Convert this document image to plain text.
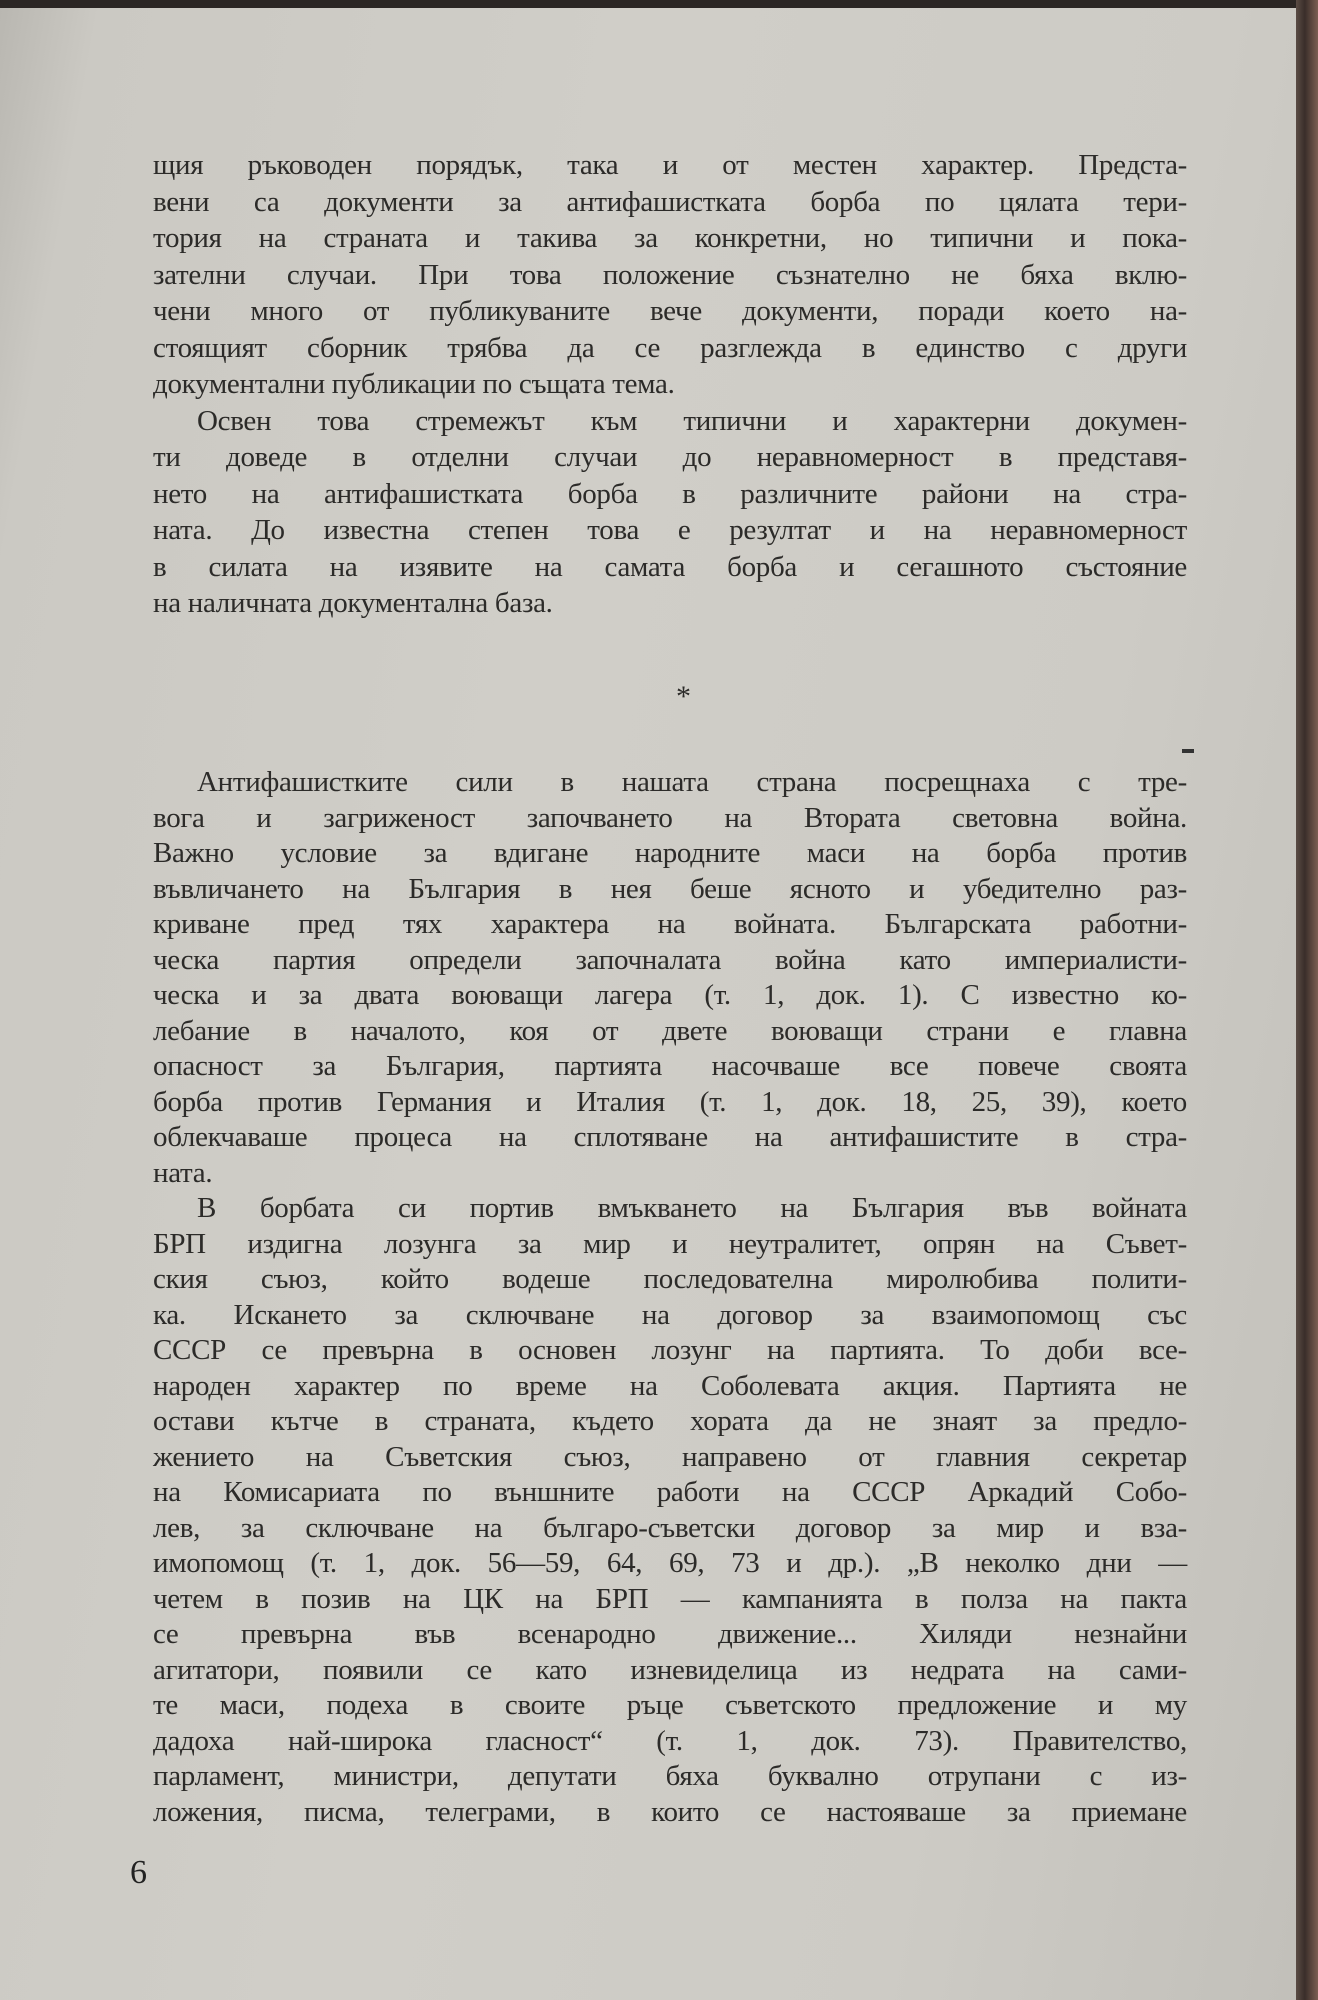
щия ръководен порядък, така и от местен характер. Предста-
вени са документи за антифашистката борба по цялата тери-
тория на страната и такива за конкретни, но типични и пока-
зателни случаи. При това положение съзнателно не бяха вклю-
чени много от публикуваните вече документи, поради което на-
стоящият сборник трябва да се разглежда в единство с други
документални публикации по същата тема.
Освен това стремежът към типични и характерни докумен-
ти доведе в отделни случаи до неравномерност в представя-
нето на антифашистката борба в различните райони на стра-
ната. До известна степен това е резултат и на неравномерност
в силата на изявите на самата борба и сегашното състояние
на наличната документална база.
*
Антифашистките сили в нашата страна посрещнаха с тре-
вога и загриженост започването на Втората световна война.
Важно условие за вдигане народните маси на борба против
въвличането на България в нея беше ясното и убедително раз-
криване пред тях характера на войната. Българската работни-
ческа партия определи започналата война като империалисти-
ческа и за двата воюващи лагера (т. 1, док. 1). С известно ко-
лебание в началото, коя от двете воюващи страни е главна
опасност за България, партията насочваше все повече своята
борба против Германия и Италия (т. 1, док. 18, 25, 39), което
облекчаваше процеса на сплотяване на антифашистите в стра-
ната.
В борбата си портив вмъкването на България във войната
БРП издигна лозунга за мир и неутралитет, опрян на Съвет-
ския съюз, който водеше последователна миролюбива полити-
ка. Искането за сключване на договор за взаимопомощ със
СССР се превърна в основен лозунг на партията. То доби все-
народен характер по време на Соболевата акция. Партията не
остави кътче в страната, където хората да не знаят за предло-
жението на Съветския съюз, направено от главния секретар
на Комисариата по външните работи на СССР Аркадий Собо-
лев, за сключване на българо-съветски договор за мир и вза-
имопомощ (т. 1, док. 56—59, 64, 69, 73 и др.). „В неколко дни —
четем в позив на ЦК на БРП — кампанията в полза на пакта
се превърна във всенародно движение... Хиляди незнайни
агитатори, появили се като изневиделица из недрата на сами-
те маси, подеха в своите ръце съветското предложение и му
дадоха най-широка гласност“ (т. 1, док. 73). Правителство,
парламент, министри, депутати бяха буквално отрупани с из-
ложения, писма, телеграми, в които се настояваше за приемане
6
